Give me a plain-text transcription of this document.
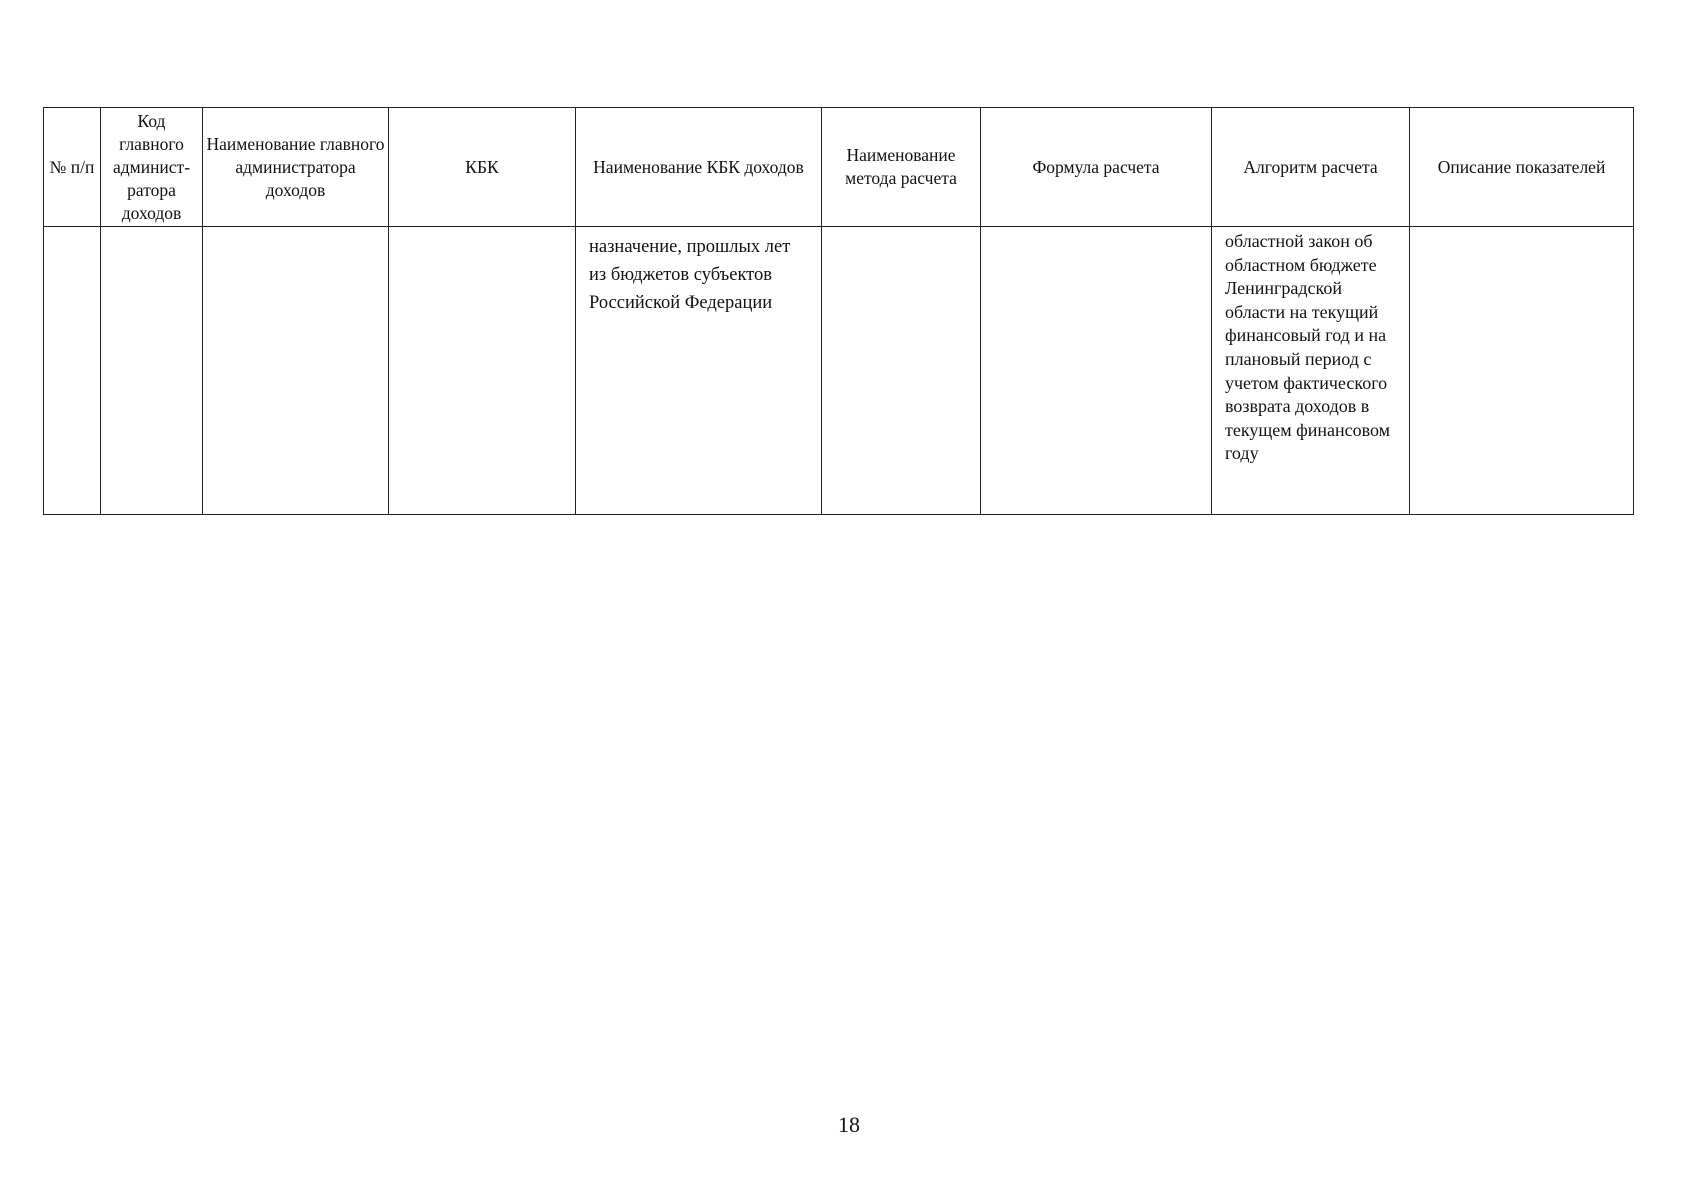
№ п/п	Код главного админист-ратора доходов	Наименование главного администратора доходов	КБК	Наименование КБК доходов	Наименование метода расчета	Формула расчета	Алгоритм расчета	Описание показателей
				назначение, прошлых лет из бюджетов субъектов Российской Федерации			областной закон об областном бюджете Ленинградской области на текущий финансовый год и на плановый период с учетом фактического возврата доходов в текущем финансовом году	
18
